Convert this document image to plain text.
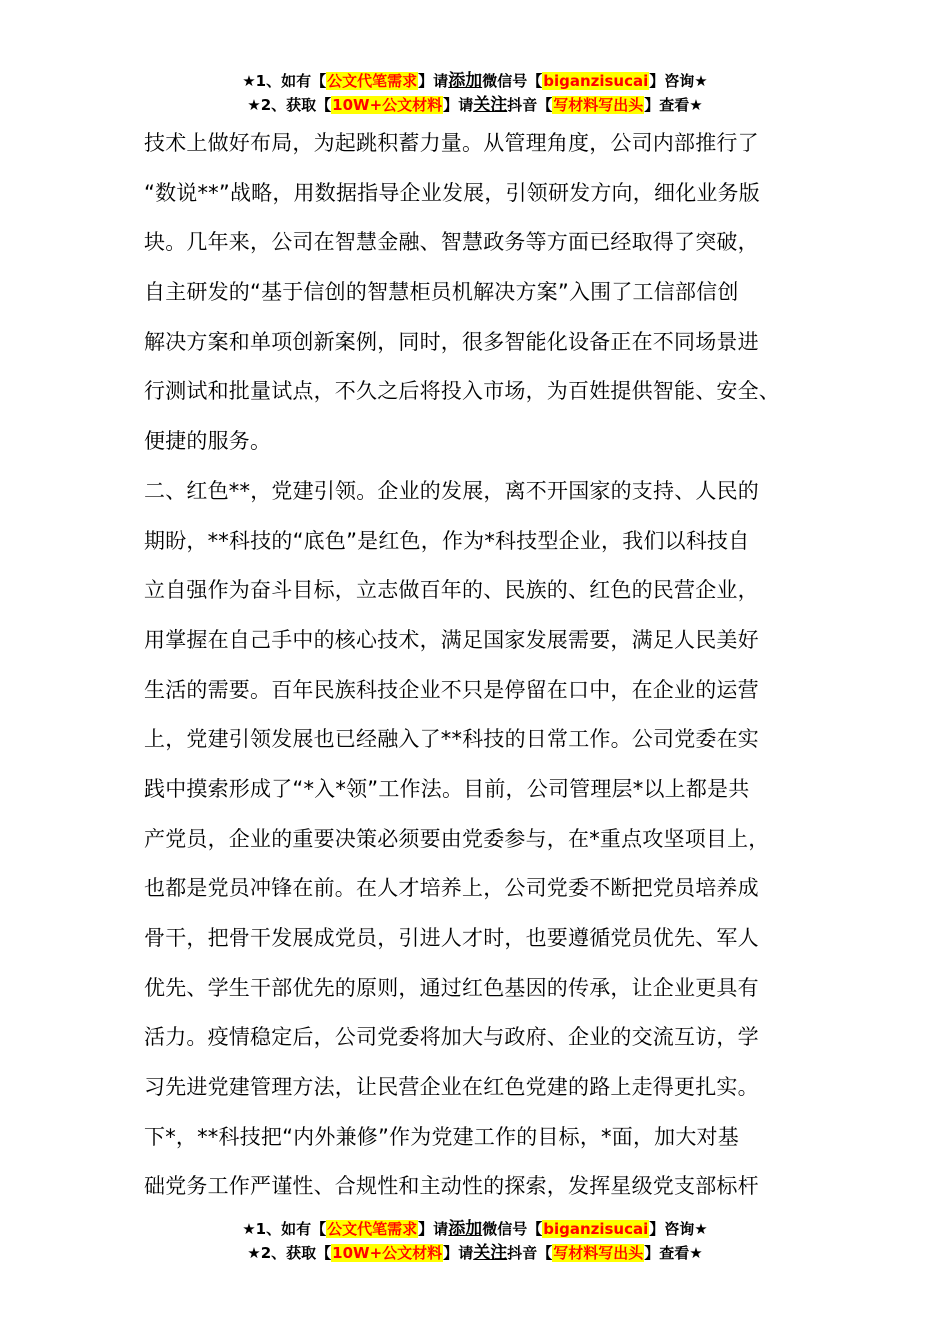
★1、如有【公文代笔需求】请添加微信号【biganzisucai】咨询★
★2、获取【10W+公文材料】请关注抖音【写材料写出头】查看★
技术上做好布局，为起跳积蓄力量。从管理角度，公司内部推行了
“数说**”战略，用数据指导企业发展，引领研发方向，细化业务版
块。几年来，公司在智慧金融、智慧政务等方面已经取得了突破，
自主研发的“基于信创的智慧柜员机解决方案”入围了工信部信创
解决方案和单项创新案例，同时，很多智能化设备正在不同场景进
行测试和批量试点，不久之后将投入市场，为百姓提供智能、安全、
便捷的服务。
二、红色**，党建引领。企业的发展，离不开国家的支持、人民的
期盼，**科技的“底色”是红色，作为*科技型企业，我们以科技自
立自强作为奋斗目标，立志做百年的、民族的、红色的民营企业，
用掌握在自己手中的核心技术，满足国家发展需要，满足人民美好
生活的需要。百年民族科技企业不只是停留在口中，在企业的运营
上，党建引领发展也已经融入了**科技的日常工作。公司党委在实
践中摸索形成了“*入*领”工作法。目前，公司管理层*以上都是共
产党员，企业的重要决策必须要由党委参与，在*重点攻坚项目上，
也都是党员冲锋在前。在人才培养上，公司党委不断把党员培养成
骨干，把骨干发展成党员，引进人才时，也要遵循党员优先、军人
优先、学生干部优先的原则，通过红色基因的传承，让企业更具有
活力。疫情稳定后，公司党委将加大与政府、企业的交流互访，学
习先进党建管理方法，让民营企业在红色党建的路上走得更扎实。
下*，**科技把“内外兼修”作为党建工作的目标，*面，加大对基
础党务工作严谨性、合规性和主动性的探索，发挥星级党支部标杆
★1、如有【公文代笔需求】请添加微信号【biganzisucai】咨询★
★2、获取【10W+公文材料】请关注抖音【写材料写出头】查看★
